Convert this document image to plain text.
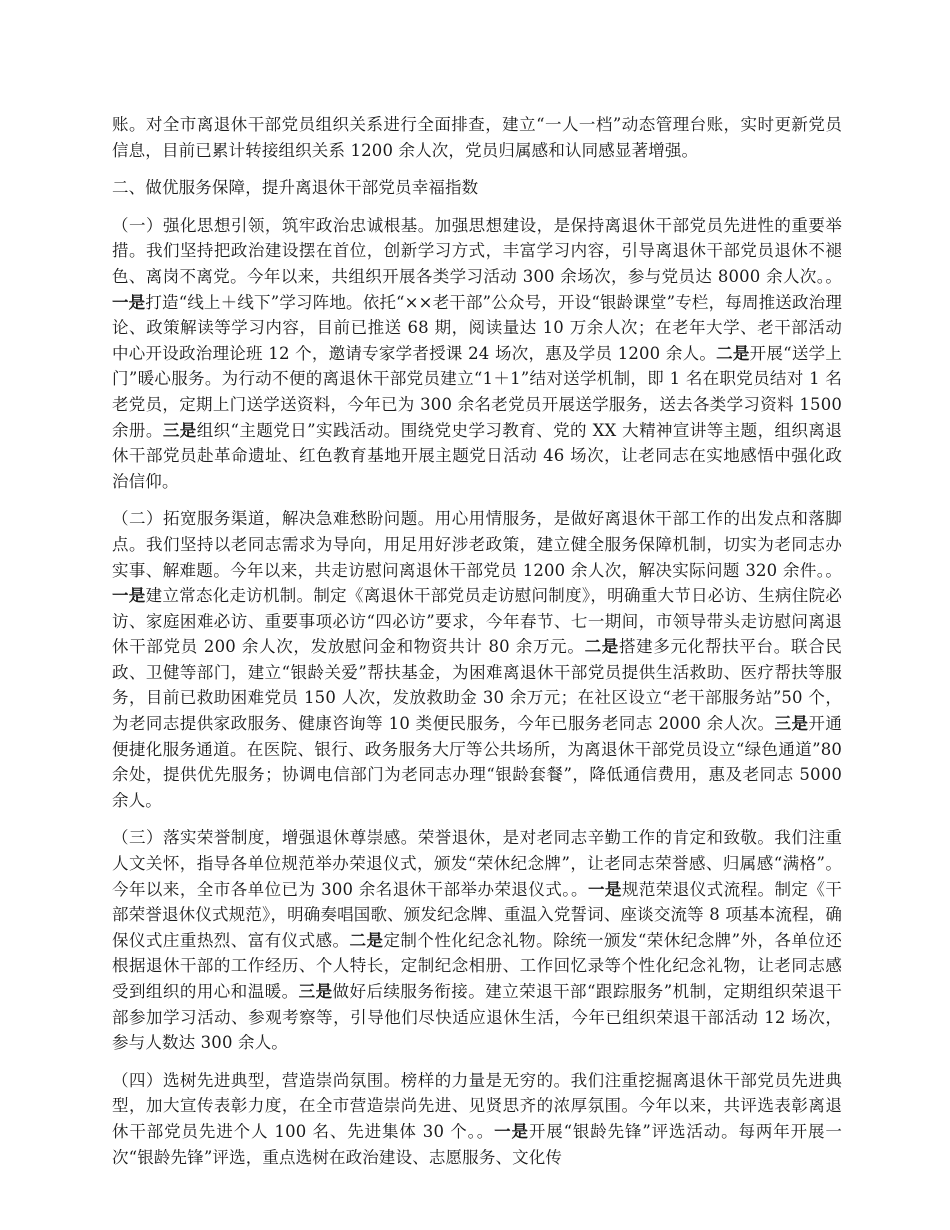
账。对全市离退休干部党员组织关系进行全面排查，建立“一人一档”动态管理台账，实时更新党员信息，目前已累计转接组织关系 1200 余人次，党员归属感和认同感显著增强。

二、做优服务保障，提升离退休干部党员幸福指数

（一）强化思想引领，筑牢政治忠诚根基。加强思想建设，是保持离退休干部党员先进性的重要举措。我们坚持把政治建设摆在首位，创新学习方式，丰富学习内容，引导离退休干部党员退休不褪色、离岗不离党。今年以来，共组织开展各类学习活动 300 余场次，参与党员达 8000 余人次。。一是打造“线上＋线下”学习阵地。依托“××老干部”公众号，开设“银龄课堂”专栏，每周推送政治理论、政策解读等学习内容，目前已推送 68 期，阅读量达 10 万余人次；在老年大学、老干部活动中心开设政治理论班 12 个，邀请专家学者授课 24 场次，惠及学员 1200 余人。二是开展“送学上门”暖心服务。为行动不便的离退休干部党员建立“1＋1”结对送学机制，即 1 名在职党员结对 1 名老党员，定期上门送学送资料，今年已为 300 余名老党员开展送学服务，送去各类学习资料 1500 余册。三是组织“主题党日”实践活动。围绕党史学习教育、党的 XX 大精神宣讲等主题，组织离退休干部党员赴革命遗址、红色教育基地开展主题党日活动 46 场次，让老同志在实地感悟中强化政治信仰。

（二）拓宽服务渠道，解决急难愁盼问题。用心用情服务，是做好离退休干部工作的出发点和落脚点。我们坚持以老同志需求为导向，用足用好涉老政策，建立健全服务保障机制，切实为老同志办实事、解难题。今年以来，共走访慰问离退休干部党员 1200 余人次，解决实际问题 320 余件。。一是建立常态化走访机制。制定《离退休干部党员走访慰问制度》，明确重大节日必访、生病住院必访、家庭困难必访、重要事项必访“四必访”要求，今年春节、七一期间，市领导带头走访慰问离退休干部党员 200 余人次，发放慰问金和物资共计 80 余万元。二是搭建多元化帮扶平台。联合民政、卫健等部门，建立“银龄关爱”帮扶基金，为困难离退休干部党员提供生活救助、医疗帮扶等服务，目前已救助困难党员 150 人次，发放救助金 30 余万元；在社区设立“老干部服务站”50 个，为老同志提供家政服务、健康咨询等 10 类便民服务，今年已服务老同志 2000 余人次。三是开通便捷化服务通道。在医院、银行、政务服务大厅等公共场所，为离退休干部党员设立“绿色通道”80 余处，提供优先服务；协调电信部门为老同志办理“银龄套餐”，降低通信费用，惠及老同志 5000 余人。

（三）落实荣誉制度，增强退休尊崇感。荣誉退休，是对老同志辛勤工作的肯定和致敬。我们注重人文关怀，指导各单位规范举办荣退仪式，颁发“荣休纪念牌”，让老同志荣誉感、归属感“满格”。今年以来，全市各单位已为 300 余名退休干部举办荣退仪式。。一是规范荣退仪式流程。制定《干部荣誉退休仪式规范》，明确奏唱国歌、颁发纪念牌、重温入党誓词、座谈交流等 8 项基本流程，确保仪式庄重热烈、富有仪式感。二是定制个性化纪念礼物。除统一颁发“荣休纪念牌”外，各单位还根据退休干部的工作经历、个人特长，定制纪念相册、工作回忆录等个性化纪念礼物，让老同志感受到组织的用心和温暖。三是做好后续服务衔接。建立荣退干部“跟踪服务”机制，定期组织荣退干部参加学习活动、参观考察等，引导他们尽快适应退休生活，今年已组织荣退干部活动 12 场次，参与人数达 300 余人。

（四）选树先进典型，营造崇尚氛围。榜样的力量是无穷的。我们注重挖掘离退休干部党员先进典型，加大宣传表彰力度，在全市营造崇尚先进、见贤思齐的浓厚氛围。今年以来，共评选表彰离退休干部党员先进个人 100 名、先进集体 30 个。。一是开展“银龄先锋”评选活动。每两年开展一次“银龄先锋”评选，重点选树在政治建设、志愿服务、文化传
